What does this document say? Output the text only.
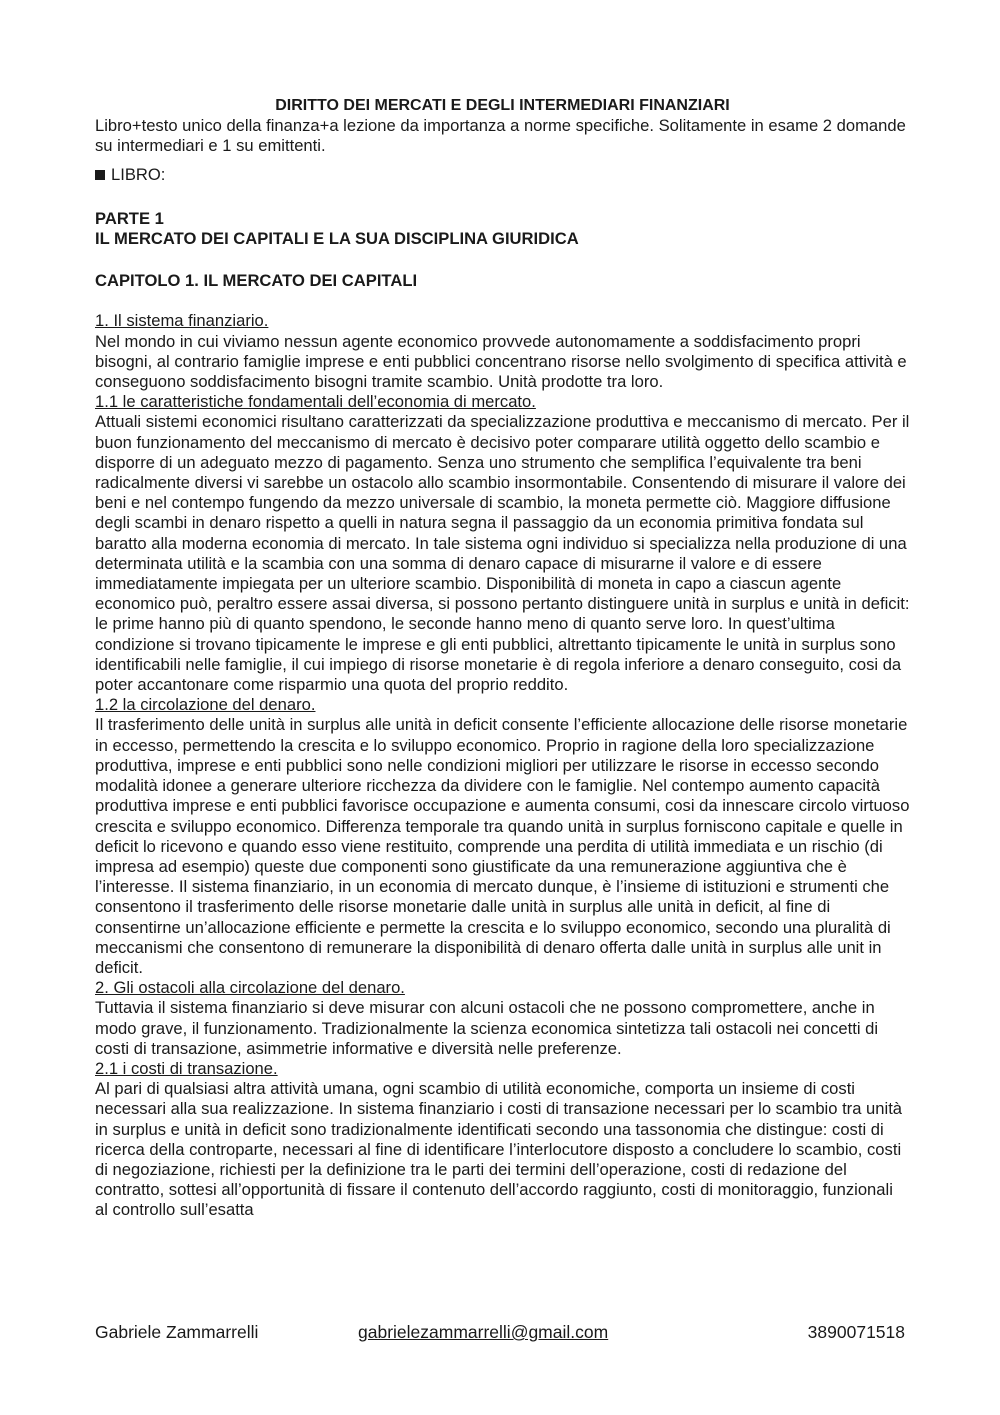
DIRITTO DEI MERCATI E DEGLI INTERMEDIARI FINANZIARI

Libro+testo unico della finanza+a lezione da importanza a norme specifiche. Solitamente in esame 2 domande su intermediari e 1 su emittenti.

LIBRO:
PARTE 1
IL MERCATO DEI CAPITALI E LA SUA DISCIPLINA GIURIDICA
CAPITOLO 1. IL MERCATO DEI CAPITALI
1. Il sistema finanziario.

Nel mondo in cui viviamo nessun agente economico provvede autonomamente a soddisfacimento propri bisogni, al contrario famiglie imprese e enti pubblici concentrano risorse nello svolgimento di specifica attività e conseguono soddisfacimento bisogni tramite scambio. Unità prodotte tra loro.

1.1 le caratteristiche fondamentali dell’economia di mercato.

Attuali sistemi economici risultano caratterizzati da specializzazione produttiva e meccanismo di mercato. Per il buon funzionamento del meccanismo di mercato è decisivo poter comparare utilità oggetto dello scambio e disporre di un adeguato mezzo di pagamento. Senza uno strumento che semplifica l’equivalente tra beni radicalmente diversi vi sarebbe un ostacolo allo scambio insormontabile. Consentendo di misurare il valore dei beni e nel contempo fungendo da mezzo universale di scambio, la moneta permette ciò. Maggiore diffusione degli scambi in denaro rispetto a quelli in natura segna il passaggio da un economia primitiva fondata sul baratto alla moderna economia di mercato. In tale sistema ogni individuo si specializza nella produzione di una determinata utilità e la scambia con una somma di denaro capace di misurarne il valore e di essere immediatamente impiegata per un ulteriore scambio. Disponibilità di moneta in capo a ciascun agente economico può, peraltro essere assai diversa, si possono pertanto distinguere unità in surplus e unità in deficit: le prime hanno più di quanto spendono, le seconde hanno meno di quanto serve loro. In quest’ultima condizione si trovano tipicamente le imprese e gli enti pubblici, altrettanto tipicamente le unità in surplus sono identificabili nelle famiglie, il cui impiego di risorse monetarie è di regola inferiore a denaro conseguito, cosi da poter accantonare come risparmio una quota del proprio reddito.

1.2 la circolazione del denaro.

Il trasferimento delle unità in surplus alle unità in deficit consente l’efficiente allocazione delle risorse monetarie in eccesso, permettendo la crescita e lo sviluppo economico. Proprio in ragione della loro specializzazione produttiva, imprese e enti pubblici sono nelle condizioni migliori per utilizzare le risorse in eccesso secondo modalità idonee a generare ulteriore ricchezza da dividere con le famiglie. Nel contempo aumento capacità produttiva imprese e enti pubblici favorisce occupazione e aumenta consumi, cosi da innescare circolo virtuoso crescita e sviluppo economico. Differenza temporale tra quando unità in surplus forniscono capitale e quelle in deficit lo ricevono e quando esso viene restituito, comprende una perdita di utilità immediata e un rischio (di impresa ad esempio) queste due componenti sono giustificate da una remunerazione aggiuntiva che è l’interesse. Il sistema finanziario, in un economia di mercato dunque, è l’insieme di istituzioni e strumenti che consentono il trasferimento delle risorse monetarie dalle unità in surplus alle unità in deficit, al fine di consentirne un’allocazione efficiente e permette la crescita e lo sviluppo economico, secondo una pluralità di meccanismi che consentono di remunerare la disponibilità di denaro offerta dalle unità in surplus alle unit in deficit.

2. Gli ostacoli alla circolazione del denaro.

Tuttavia il sistema finanziario si deve misurar con alcuni ostacoli che ne possono compromettere, anche in modo grave, il funzionamento. Tradizionalmente la scienza economica sintetizza tali ostacoli nei concetti di costi di transazione, asimmetrie informative e diversità nelle preferenze.

2.1 i costi di transazione.

Al pari di qualsiasi altra attività umana, ogni scambio di utilità economiche, comporta un insieme di costi necessari alla sua realizzazione. In sistema finanziario i costi di transazione necessari per lo scambio tra unità in surplus e unità in deficit sono tradizionalmente identificati secondo una tassonomia che distingue: costi di ricerca della controparte, necessari al fine di identificare l’interlocutore disposto a concludere lo scambio, costi di negoziazione, richiesti per la definizione tra le parti dei termini dell’operazione, costi di redazione del contratto, sottesi all’opportunità di fissare il contenuto dell’accordo raggiunto, costi di monitoraggio, funzionali al controllo sull’esatta

Gabriele Zammarrelli	gabrielezammarrelli@gmail.com	3890071518
